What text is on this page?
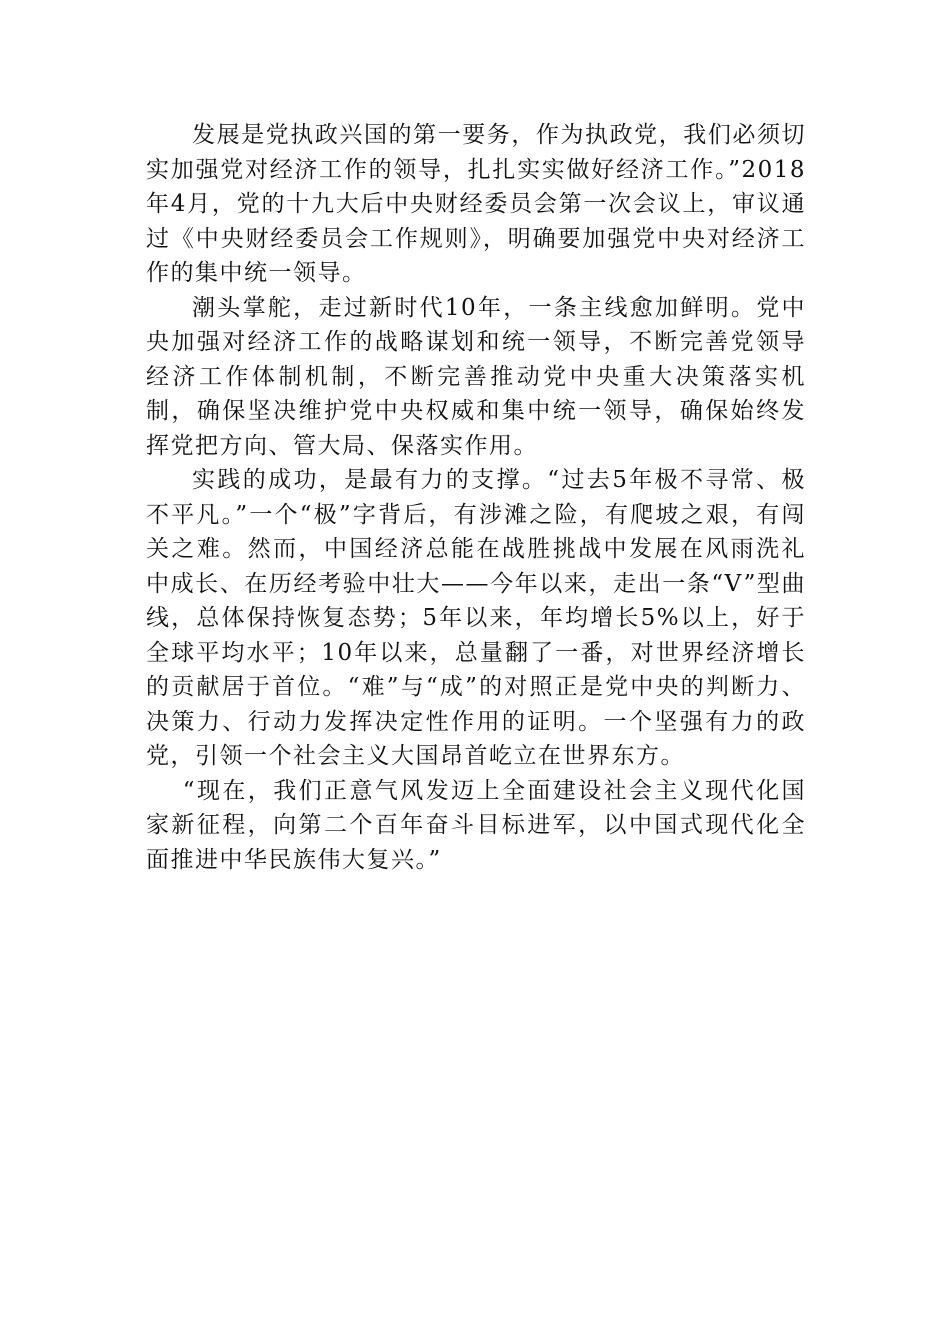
发展是党执政兴国的第一要务，作为执政党，我们必须切实加强党对经济工作的领导，扎扎实实做好经济工作。”2018年4月，党的十九大后中央财经委员会第一次会议上，审议通过《中央财经委员会工作规则》，明确要加强党中央对经济工作的集中统一领导。

潮头掌舵，走过新时代10年，一条主线愈加鲜明。党中央加强对经济工作的战略谋划和统一领导，不断完善党领导经济工作体制机制，不断完善推动党中央重大决策落实机制，确保坚决维护党中央权威和集中统一领导，确保始终发挥党把方向、管大局、保落实作用。

实践的成功，是最有力的支撑。“过去5年极不寻常、极不平凡。”一个“极”字背后，有涉滩之险，有爬坡之艰，有闯关之难。然而，中国经济总能在战胜挑战中发展在风雨洗礼中成长、在历经考验中壮大——今年以来，走出一条“V”型曲线，总体保持恢复态势；5年以来，年均增长5%以上，好于全球平均水平；10年以来，总量翻了一番，对世界经济增长的贡献居于首位。“难”与“成”的对照正是党中央的判断力、决策力、行动力发挥决定性作用的证明。一个坚强有力的政党，引领一个社会主义大国昂首屹立在世界东方。

“现在，我们正意气风发迈上全面建设社会主义现代化国家新征程，向第二个百年奋斗目标进军，以中国式现代化全面推进中华民族伟大复兴。”
